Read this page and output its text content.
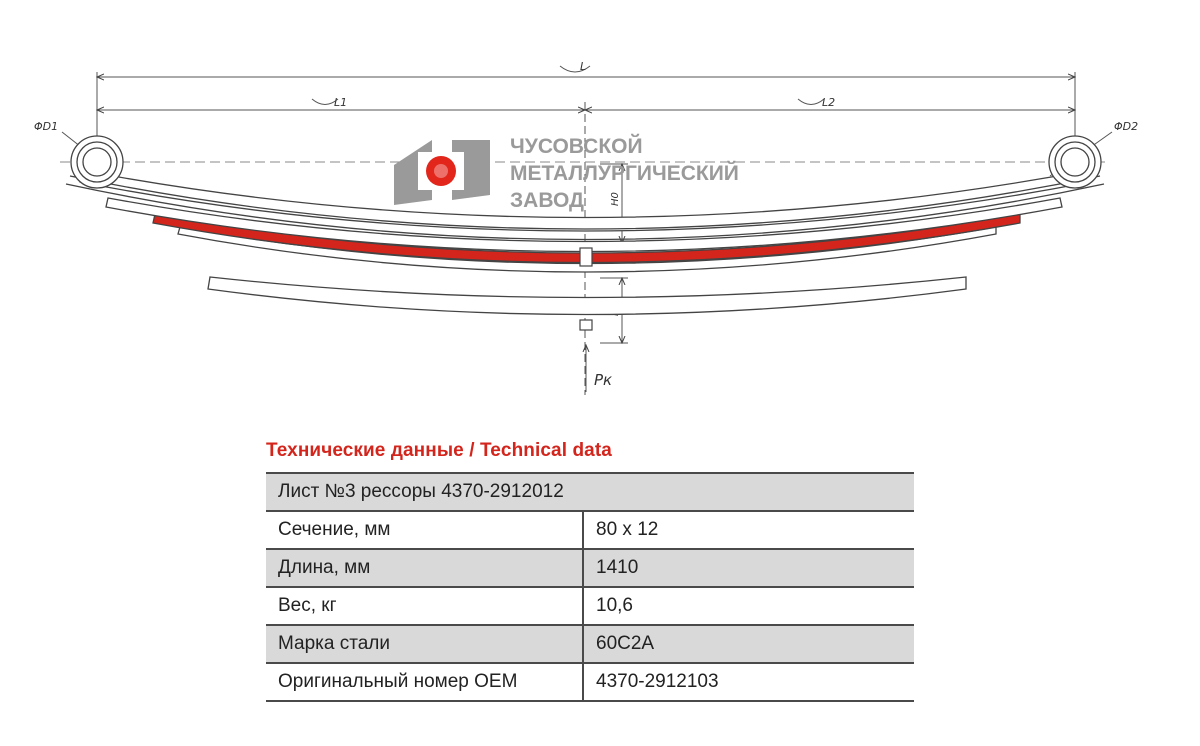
L
L1	L2
ΦD1	ΦD2
H0
Pк
ЧУСОВСКОЙ
МЕТАЛЛУРГИЧЕСКИЙ
ЗАВОД
Технические данные / Technical data
Лист №3 рессоры 4370-2912012	
Сечение, мм	80 х 12
Длина, мм	1410
Вес, кг	10,6
Марка стали	60С2А
Оригинальный номер OEM	4370-2912103
